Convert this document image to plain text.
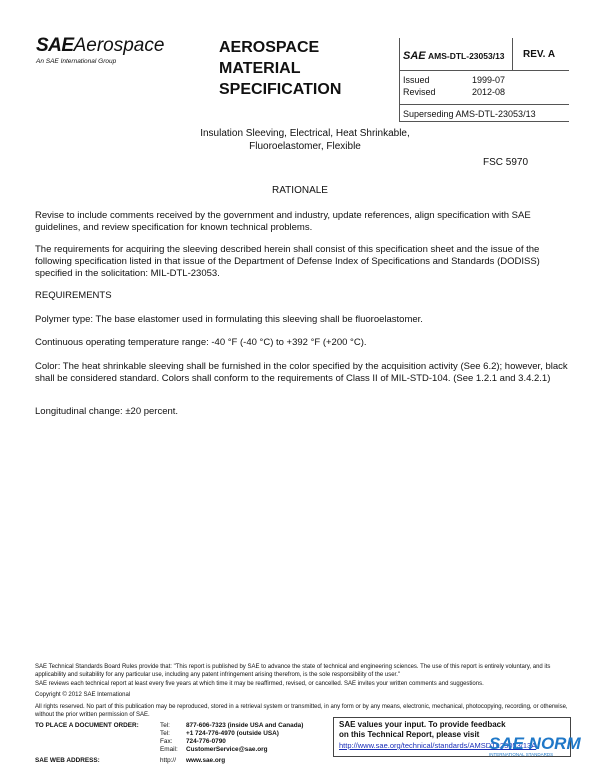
SAEAerospace
An SAE International Group
AEROSPACE
MATERIAL
SPECIFICATION
SAE AMS-DTL-23053/13 REV. A
Issued	1999-07
Revised	2012-08
Superseding AMS-DTL-23053/13
Insulation Sleeving, Electrical, Heat Shrinkable,
Fluoroelastomer, Flexible
FSC 5970
RATIONALE
Revise to include comments received by the government and industry, update references, align specification with SAE guidelines, and review specification for known technical problems.
The requirements for acquiring the sleeving described herein shall consist of this specification sheet and the issue of the following specification listed in that issue of the Department of Defense Index of Specifications and Standards (DODISS) specified in the solicitation: MIL-DTL-23053.
REQUIREMENTS
Polymer type: The base elastomer used in formulating this sleeving shall be fluoroelastomer.
Continuous operating temperature range: -40 °F (-40 °C) to +392 °F (+200 °C).
Color: The heat shrinkable sleeving shall be furnished in the color specified by the acquisition activity (See 6.2); however, black shall be considered standard. Colors shall conform to the requirements of Class II of MIL-STD-104. (See 1.2.1 and 3.4.2.1)
Longitudinal change: ±20 percent.
SAE Technical Standards Board Rules provide that: "This report is published by SAE to advance the state of technical and engineering sciences. The use of this report is entirely voluntary, and its applicability and suitability for any particular use, including any patent infringement arising therefrom, is the sole responsibility of the user."
SAE reviews each technical report at least every five years at which time it may be reaffirmed, revised, or cancelled. SAE invites your written comments and suggestions.
Copyright © 2012 SAE International
All rights reserved. No part of this publication may be reproduced, stored in a retrieval system or transmitted, in any form or by any means, electronic, mechanical, photocopying, recording, or otherwise, without the prior written permission of SAE.
TO PLACE A DOCUMENT ORDER:	Tel:	877-606-7323 (inside USA and Canada)
Tel:	+1 724-776-4970 (outside USA)
Fax: 724-776-0790
Email: CustomerService@sae.org
SAE WEB ADDRESS:	http:// www.sae.org
SAE values your input. To provide feedback
on this Technical Report, please visit
http://www.sae.org/technical/standards/AMSDTL23053/13A
SAE NORM
INTERNATIONAL STANDARDS
